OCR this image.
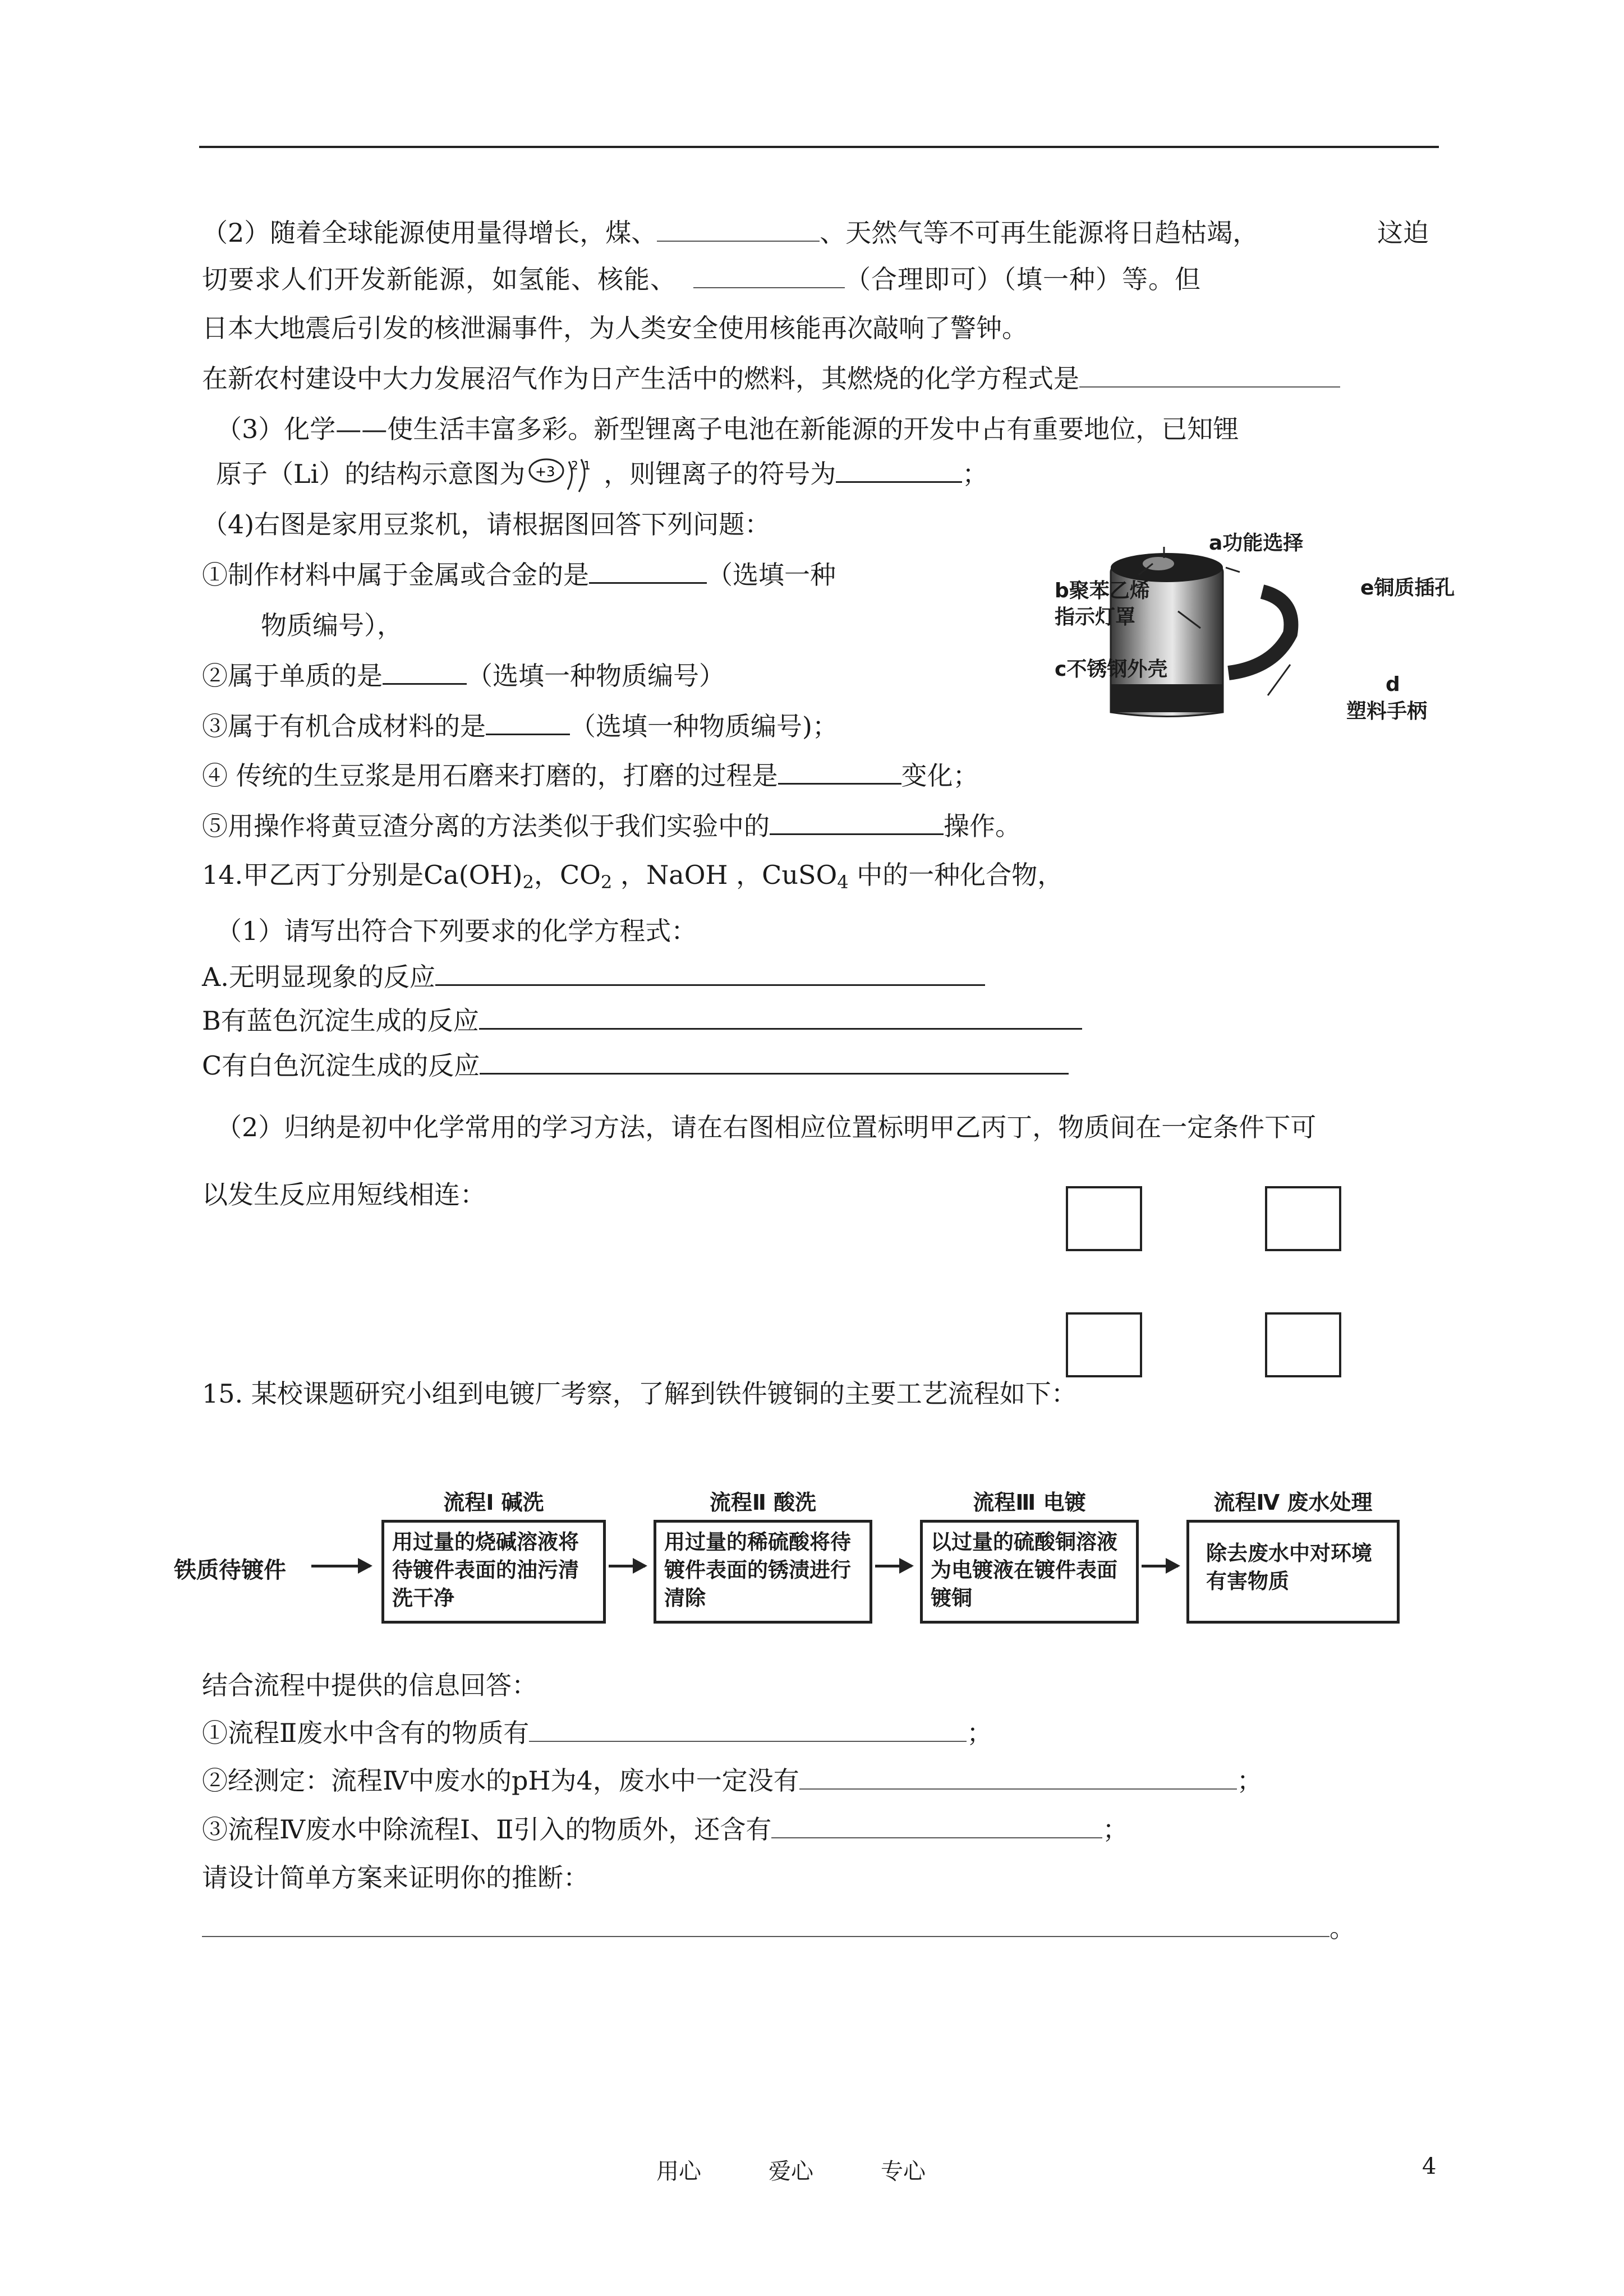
（2）随着全球能源使用量得增长，煤、	、天然气等不可再生能源将日趋枯竭，	这迫
切要求人们开发新能源，如氢能、核能、	（合理即可）（填一种）等。但
日本大地震后引发的核泄漏事件，为人类安全使用核能再次敲响了警钟。
在新农村建设中大力发展沼气作为日产生活中的燃料，其燃烧的化学方程式是
（3）化学——使生活丰富多彩。新型锂离子电池在新能源的开发中占有重要地位，已知锂
原子（Li）的结构示意图为 +3 2 1 ，则锂离子的符号为	；
（4)右图是家用豆浆机，请根据图回答下列问题：
①制作材料中属于金属或合金的是	（选填一种
物质编号），
②属于单质的是	（选填一种物质编号）
③属于有机合成材料的是	（选填一种物质编号)；
④ 传统的生豆浆是用石磨来打磨的，打磨的过程是	变化；
⑤用操作将黄豆渣分离的方法类似于我们实验中的	操作。
a功能选择
b聚苯乙烯
指示灯罩
e铜质插孔
c不锈钢外壳
d
塑料手柄
14.甲乙丙丁分别是$Ca(OH)_2$，$CO_2$ ，NaOH ，CuSO$_4$ 中的一种化合物，
（1）请写出符合下列要求的化学方程式：
A.无明显现象的反应
B有蓝色沉淀生成的反应
C有白色沉淀生成的反应
（2）归纳是初中化学常用的学习方法，请在右图相应位置标明甲乙丙丁，物质间在一定条件下可
以发生反应用短线相连：
15. 某校课题研究小组到电镀厂考察，了解到铁件镀铜的主要工艺流程如下：
铁质待镀件
流程Ⅰ 碱洗
用过量的烧碱溶液将待镀件表面的油污清洗干净
流程Ⅱ 酸洗
用过量的稀硫酸将待镀件表面的锈渍进行清除
流程Ⅲ 电镀
以过量的硫酸铜溶液为电镀液在镀件表面镀铜
流程Ⅳ 废水处理
除去废水中对环境有害物质
结合流程中提供的信息回答：
①流程Ⅱ废水中含有的物质有	；
②经测定：流程Ⅳ中废水的pH为4，废水中一定没有	；
③流程Ⅳ废水中除流程Ⅰ、Ⅱ引入的物质外，还含有	；
请设计简单方案来证明你的推断：
。
用心	爱心	专心	4
